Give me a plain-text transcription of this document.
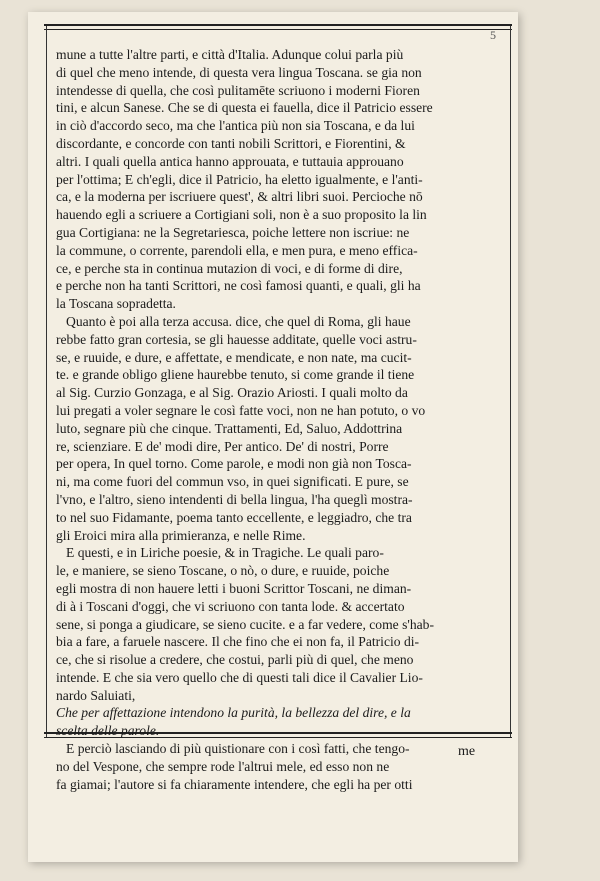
5
mune a tutte l'altre parti, e città d'Italia. Adunque colui parla più
di quel che meno intende, di questa vera lingua Toscana. se gia non
intendesse di quella, che così pulitamēte scriuono i moderni Fioren
tini, e alcun Sanese. Che se di questa ei fauella, dice il Patricio essere
in ciò d'accordo seco, ma che l'antica più non sia Toscana, e da lui
discordante, e concorde con tanti nobili Scrittori, e Fiorentini, &
altri. I quali quella antica hanno approuata, e tuttauia approuano
per l'ottima; E ch'egli, dice il Patricio, ha eletto igualmente, e l'anti-
ca, e la moderna per iscriuere quest', & altri libri suoi. Percioche nō
hauendo egli a scriuere a Cortigiani soli, non è a suo proposito la lin
gua Cortigiana: ne la Segretariesca, poiche lettere non iscriue: ne
la commune, o corrente, parendoli ella, e men pura, e meno effica-
ce, e perche sta in continua mutazion di voci, e di forme di dire,
e perche non ha tanti Scrittori, ne così famosi quanti, e quali, gli ha
la Toscana sopradetta.
Quanto è poi alla terza accusa. dice, che quel di Roma, gli haue
rebbe fatto gran cortesia, se gli hauesse additate, quelle voci astru-
se, e ruuide, e dure, e affettate, e mendicate, e non nate, ma cucit-
te. e grande obligo gliene haurebbe tenuto, si come grande il tiene
al Sig. Curzio Gonzaga, e al Sig. Orazio Ariosti. I quali molto da
lui pregati a voler segnare le così fatte voci, non ne han potuto, o vo
luto, segnare più che cinque. Trattamenti, Ed, Saluo, Addottrina
re, scienziare. E de' modi dire, Per antico. De' di nostri, Porre
per opera, In quel torno. Come parole, e modi non già non Tosca-
ni, ma come fuori del commun vso, in quei significati. E pure, se
l'vno, e l'altro, sieno intendenti di bella lingua, l'ha queglì mostra-
to nel suo Fidamante, poema tanto eccellente, e leggiadro, che tra
gli Eroici mira alla primieranza, e nelle Rime.
E questi, e in Liriche poesie, & in Tragiche. Le quali paro-
le, e maniere, se sieno Toscane, o nò, o dure, e ruuide, poiche
egli mostra di non hauere letti i buoni Scrittor Toscani, ne diman-
di à i Toscani d'oggi, che vi scriuono con tanta lode. & accertato
sene, si ponga a giudicare, se sieno cucite. e a far vedere, come s'hab-
bia a fare, a faruele nascere. Il che fino che ei non fa, il Patricio di-
ce, che si risolue a credere, che costui, parli più di quel, che meno
intende. E che sia vero quello che di questi tali dice il Cavalier Lio-
nardo Saluiati,
Che per affettazione intendono la purità, la bellezza del dire, e la
scelta delle parole.
E perciò lasciando di più quistionare con i così fatti, che tengo-
no del Vespone, che sempre rode l'altrui mele, ed esso non ne
fa giamai; l'autore si fa chiaramente intendere, che egli ha per otti
me
